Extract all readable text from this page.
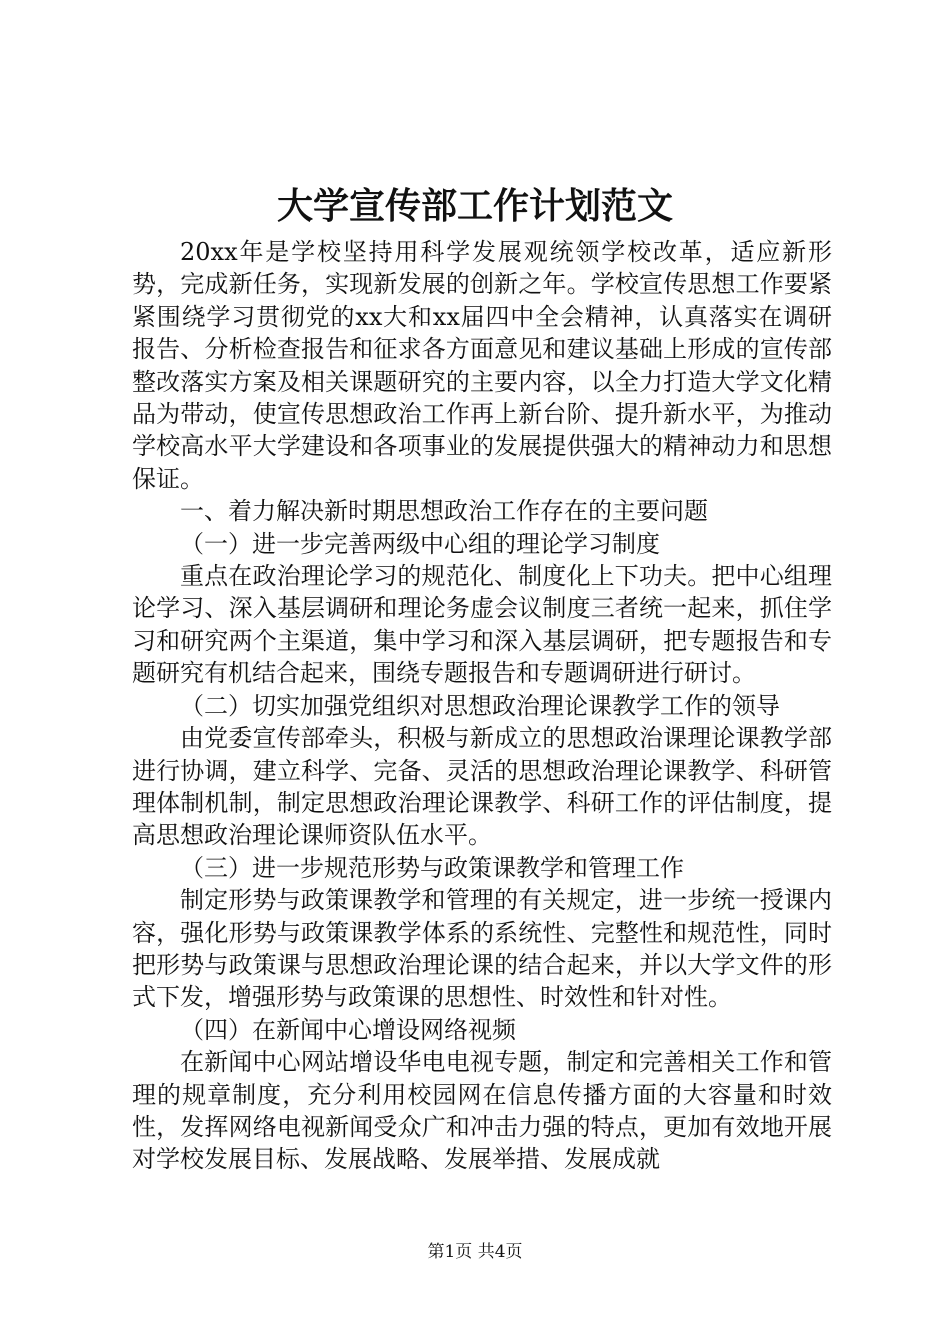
大学宣传部工作计划范文

20xx年是学校坚持用科学发展观统领学校改革，适应新形势，完成新任务，实现新发展的创新之年。学校宣传思想工作要紧紧围绕学习贯彻党的xx大和xx届四中全会精神，认真落实在调研报告、分析检查报告和征求各方面意见和建议基础上形成的宣传部整改落实方案及相关课题研究的主要内容，以全力打造大学文化精品为带动，使宣传思想政治工作再上新台阶、提升新水平，为推动学校高水平大学建设和各项事业的发展提供强大的精神动力和思想保证。

一、着力解决新时期思想政治工作存在的主要问题

（一）进一步完善两级中心组的理论学习制度

重点在政治理论学习的规范化、制度化上下功夫。把中心组理论学习、深入基层调研和理论务虚会议制度三者统一起来，抓住学习和研究两个主渠道，集中学习和深入基层调研，把专题报告和专题研究有机结合起来，围绕专题报告和专题调研进行研讨。

（二）切实加强党组织对思想政治理论课教学工作的领导

由党委宣传部牵头，积极与新成立的思想政治课理论课教学部进行协调，建立科学、完备、灵活的思想政治理论课教学、科研管理体制机制，制定思想政治理论课教学、科研工作的评估制度，提高思想政治理论课师资队伍水平。

（三）进一步规范形势与政策课教学和管理工作

制定形势与政策课教学和管理的有关规定，进一步统一授课内容，强化形势与政策课教学体系的系统性、完整性和规范性，同时把形势与政策课与思想政治理论课的结合起来，并以大学文件的形式下发，增强形势与政策课的思想性、时效性和针对性。

（四）在新闻中心增设网络视频

在新闻中心网站增设华电电视专题，制定和完善相关工作和管理的规章制度，充分利用校园网在信息传播方面的大容量和时效性，发挥网络电视新闻受众广和冲击力强的特点，更加有效地开展对学校发展目标、发展战略、发展举措、发展成就

第1页 共4页
